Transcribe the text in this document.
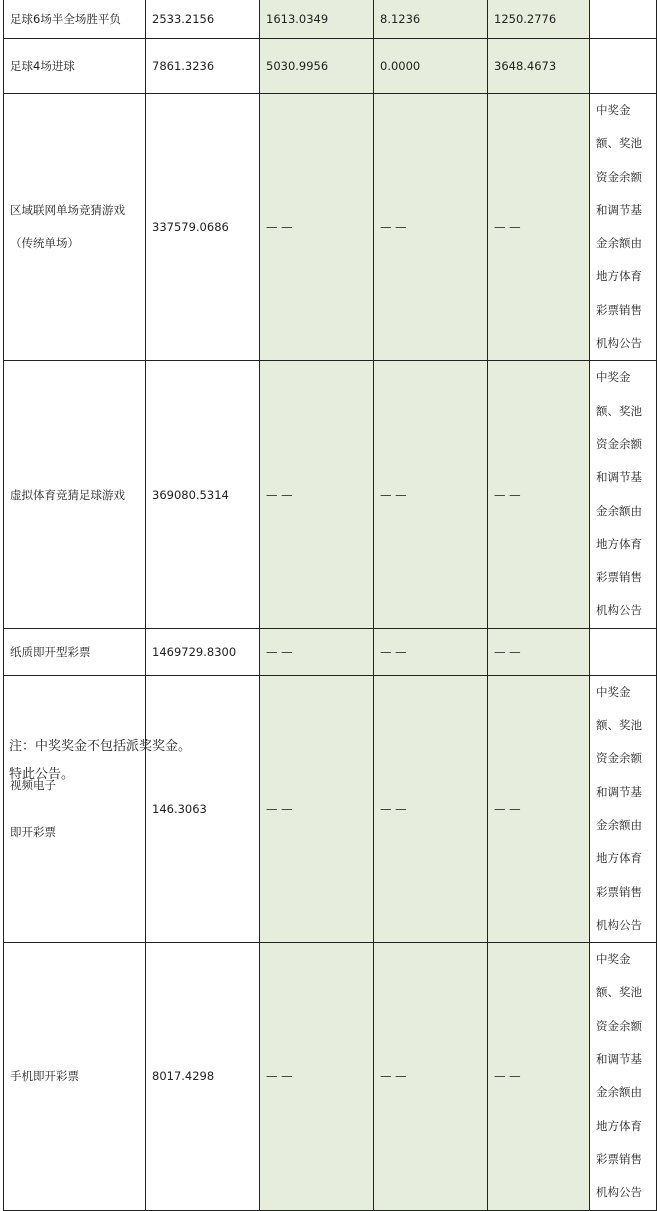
足球6场半全场胜平负	2533.2156	1613.0349	8.1236	1250.2776	
足球4场进球	7861.3236	5030.9956	0.0000	3648.4673	

区域联网单场竞猜游戏
（传统单场）	337579.0686	— —	— —	— —	中奖金额、奖池资金余额和调节基金余额由地方体育彩票销售机构公告

虚拟体育竞猜足球游戏	369080.5314	— —	— —	— —	中奖金额、奖池资金余额和调节基金余额由地方体育彩票销售机构公告

纸质即开型彩票	1469729.8300	— —	— —	— —	

视频电子

即开彩票	146.3063	— —	— —	— —	中奖金额、奖池资金余额和调节基金余额由地方体育彩票销售机构公告

手机即开彩票	8017.4298	— —	— —	— —	中奖金额、奖池资金余额和调节基金余额由地方体育彩票销售机构公告
注：中奖奖金不包括派奖奖金。
特此公告。
